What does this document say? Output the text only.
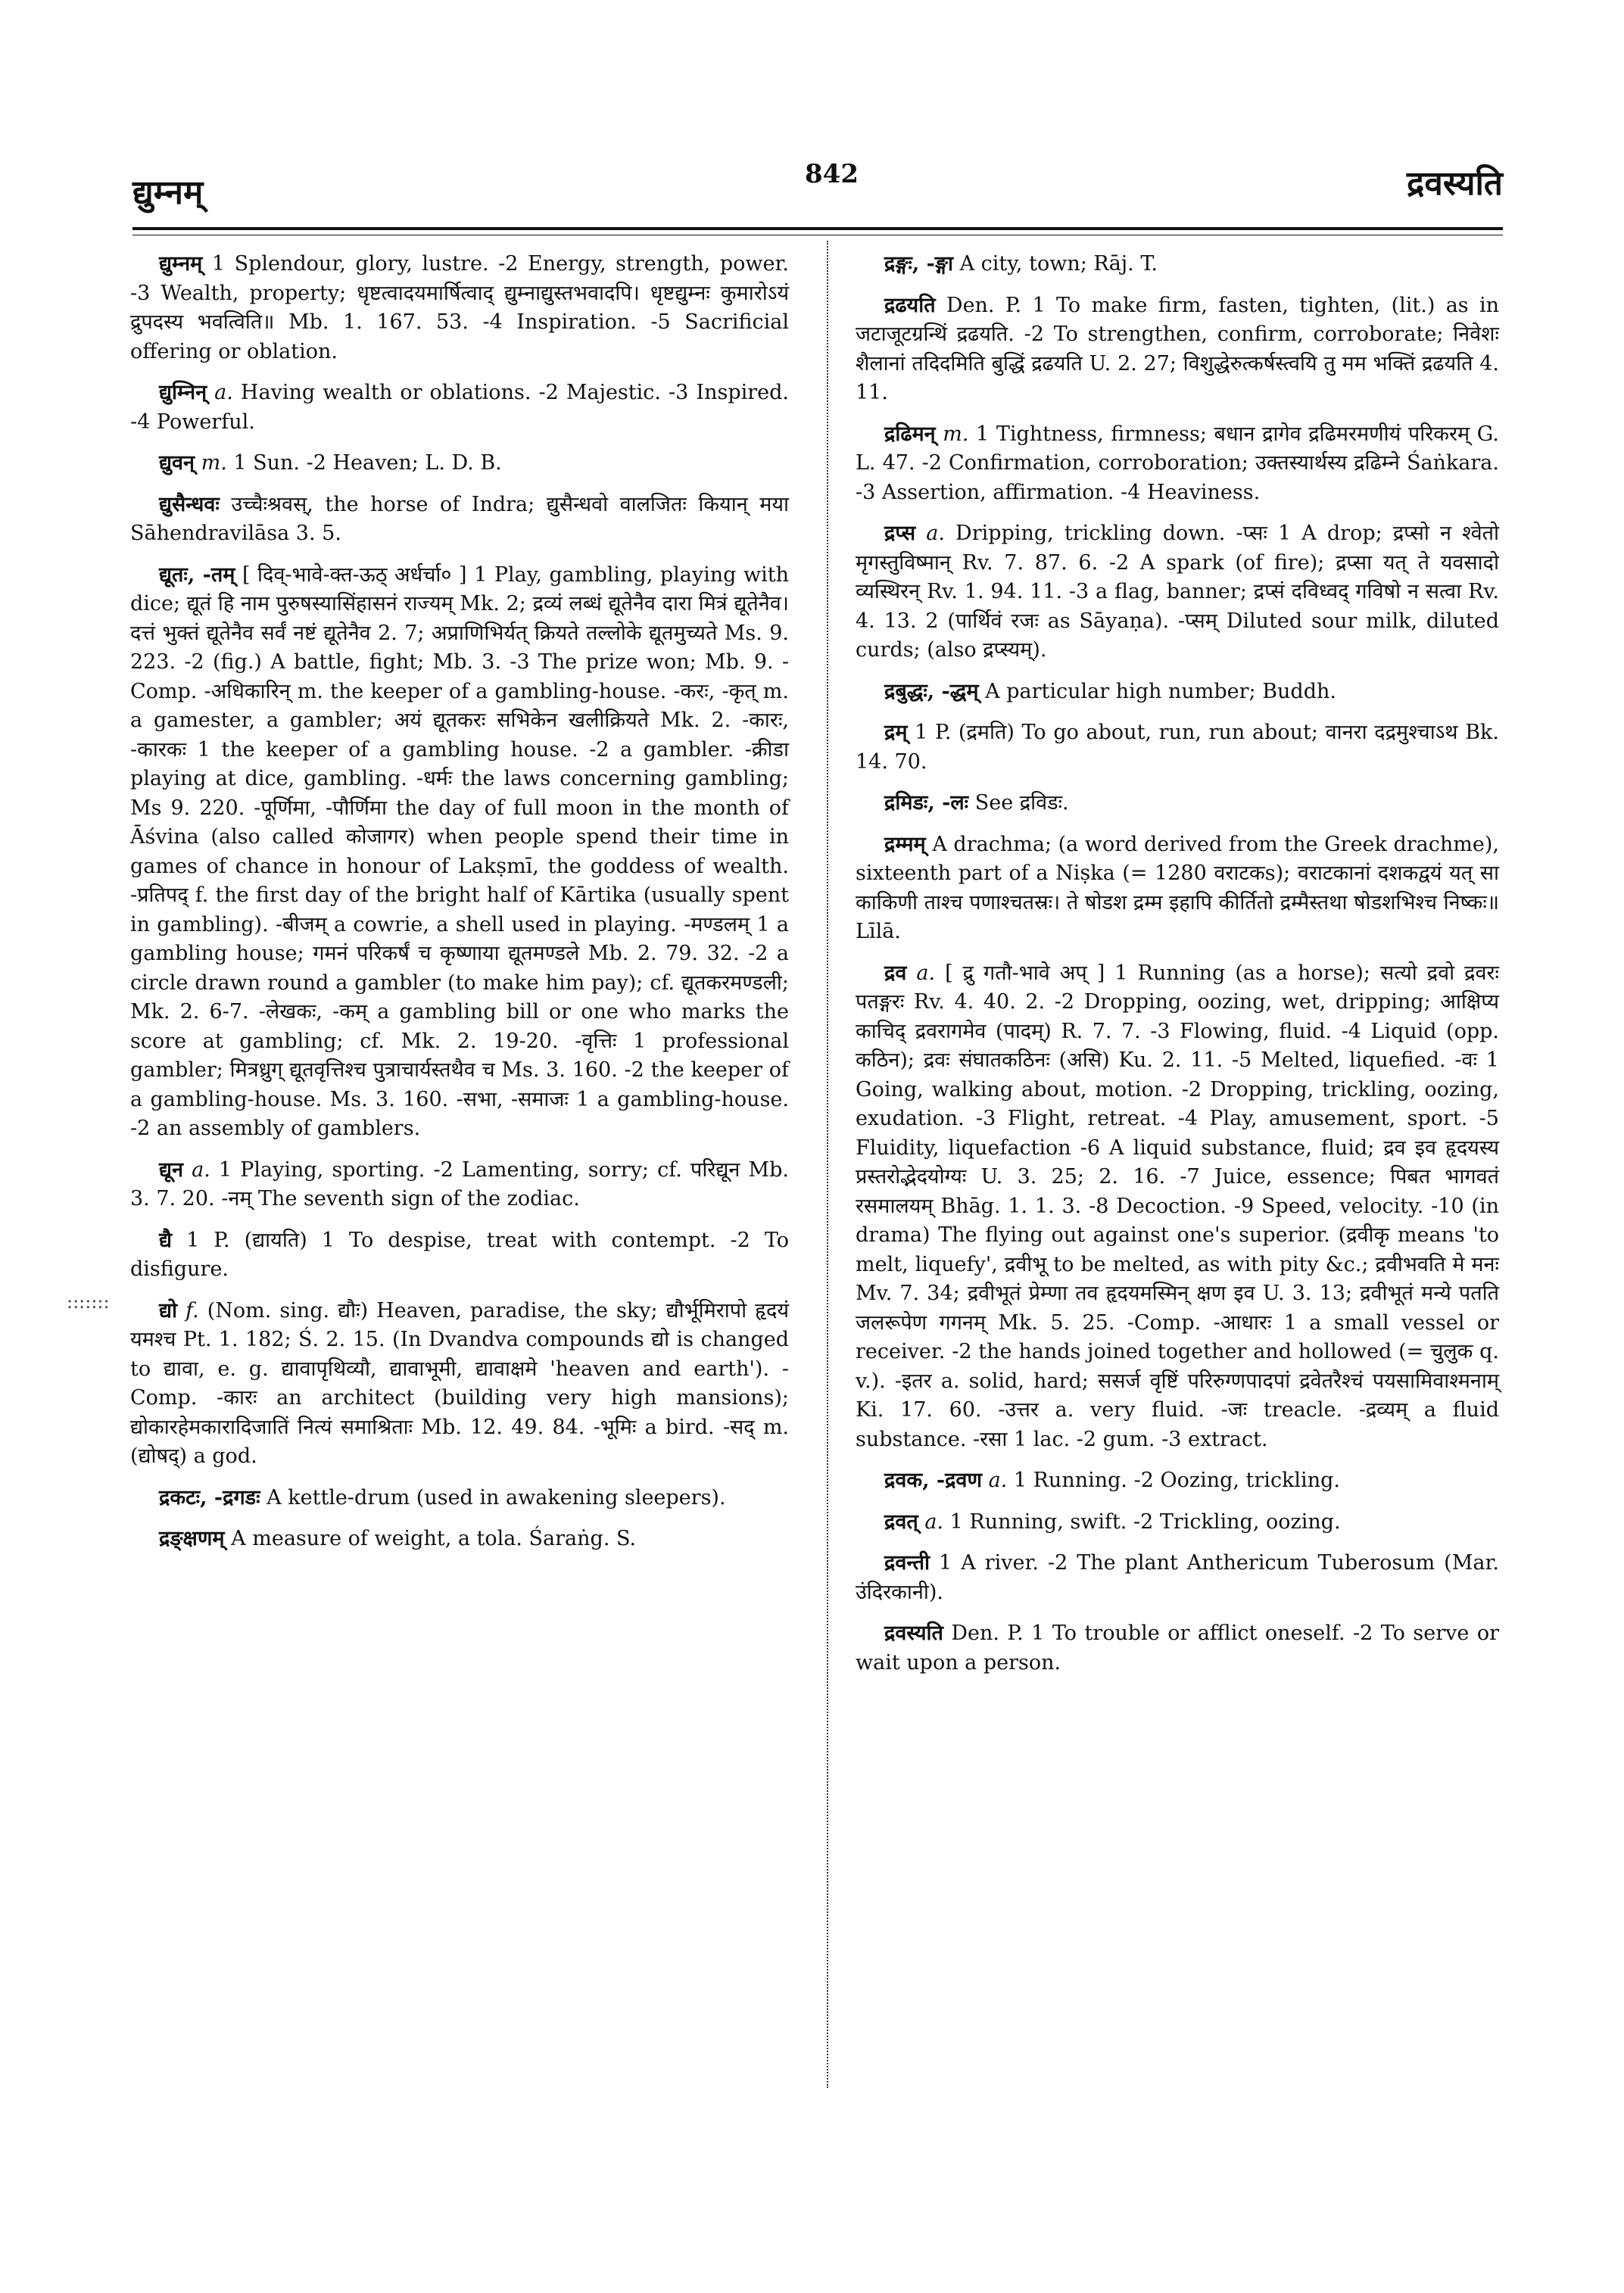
द्युम्नम्	842	द्रवस्यति
:::::::

द्युम्नम् 1 Splendour, glory, lustre. -2 Energy, strength, power. -3 Wealth, property; धृष्टत्वादयमार्षित्वाद् द्युम्नाद्युस्तभवादपि। धृष्टद्युम्नः कुमारोऽयं द्रुपदस्य भवत्विति॥ Mb. 1. 167. 53. -4 Inspiration. -5 Sacrificial offering or oblation.

द्युम्निन् a. Having wealth or oblations. -2 Majestic. -3 Inspired. -4 Powerful.

द्युवन् m. 1 Sun. -2 Heaven; L. D. B.

द्युसैन्धवः उच्चैःश्रवस्, the horse of Indra; द्युसैन्धवो वालजितः कियान् मया Sāhendravilāsa 3. 5.

द्यूतः, -तम् [ दिव्-भावे-क्त-ऊठ् अर्धर्चा० ] 1 Play, gambling, playing with dice; द्यूतं हि नाम पुरुषस्यासिंहासनं राज्यम् Mk. 2; द्रव्यं लब्धं द्यूतेनैव दारा मित्रं द्यूतेनैव। दत्तं भुक्तं द्यूतेनैव सर्वं नष्टं द्यूतेनैव 2. 7; अप्राणिभिर्यत् क्रियते तल्लोके द्यूतमुच्यते Ms. 9. 223. -2 (fig.) A battle, fight; Mb. 3. -3 The prize won; Mb. 9. -Comp. -अधिकारिन् m. the keeper of a gambling-house. -करः, -कृत् m. a gamester, a gambler; अयं द्यूतकरः सभिकेन खलीक्रियते Mk. 2. -कारः, -कारकः 1 the keeper of a gambling house. -2 a gambler. -क्रीडा playing at dice, gambling. -धर्मः the laws concerning gambling; Ms 9. 220. -पूर्णिमा, -पौर्णिमा the day of full moon in the month of Āśvina (also called कोजागर) when people spend their time in games of chance in honour of Lakṣmī, the goddess of wealth. -प्रतिपद् f. the first day of the bright half of Kārtika (usually spent in gambling). -बीजम् a cowrie, a shell used in playing. -मण्डलम् 1 a gambling house; गमनं परिकर्षं च कृष्णाया द्यूतमण्डले Mb. 2. 79. 32. -2 a circle drawn round a gambler (to make him pay); cf. द्यूतकरमण्डली; Mk. 2. 6-7. -लेखकः, -कम् a gambling bill or one who marks the score at gambling; cf. Mk. 2. 19-20. -वृत्तिः 1 professional gambler; मित्रध्रुग् द्यूतवृत्तिश्च पुत्राचार्यस्तथैव च Ms. 3. 160. -2 the keeper of a gambling-house. Ms. 3. 160. -सभा, -समाजः 1 a gambling-house. -2 an assembly of gamblers.

द्यून a. 1 Playing, sporting. -2 Lamenting, sorry; cf. परिद्यून Mb. 3. 7. 20. -नम् The seventh sign of the zodiac.

द्यै 1 P. (द्यायति) 1 To despise, treat with contempt. -2 To disfigure.

द्यो f. (Nom. sing. द्यौः) Heaven, paradise, the sky; द्यौर्भूमिरापो हृदयं यमश्च Pt. 1. 182; Ś. 2. 15. (In Dvandva compounds द्यो is changed to द्यावा, e. g. द्यावापृथिव्यौ, द्यावाभूमी, द्यावाक्षमे 'heaven and earth'). -Comp. -कारः an architect (building very high mansions); द्योकारहेमकारादिजातिं नित्यं समाश्रिताः Mb. 12. 49. 84. -भूमिः a bird. -सद् m. (द्योषद्) a god.

द्रकटः, -द्रगडः A kettle-drum (used in awakening sleepers).

द्रङ्क्षणम् A measure of weight, a tola. Śaraṅg. S.

द्रङ्गः, -ङ्गा A city, town; Rāj. T.

द्रढयति Den. P. 1 To make firm, fasten, tighten, (lit.) as in जटाजूटग्रन्थिं द्रढयति. -2 To strengthen, confirm, corroborate; निवेशः शैलानां तदिदमिति बुद्धिं द्रढयति U. 2. 27; विशुद्धेरुत्कर्षस्त्वयि तु मम भक्तिं द्रढयति 4. 11.

द्रढिमन् m. 1 Tightness, firmness; बधान द्रागेव द्रढिमरमणीयं परिकरम् G. L. 47. -2 Confirmation, corroboration; उक्तस्यार्थस्य द्रढिम्ने Śaṅkara. -3 Assertion, affirmation. -4 Heaviness.

द्रप्स a. Dripping, trickling down. -प्सः 1 A drop; द्रप्सो न श्वेतो मृगस्तुविष्मान् Rv. 7. 87. 6. -2 A spark (of fire); द्रप्सा यत् ते यवसादो व्यस्थिरन् Rv. 1. 94. 11. -3 a flag, banner; द्रप्सं दविध्वद् गविषो न सत्वा Rv. 4. 13. 2 (पार्थिवं रजः as Sāyaṇa). -प्सम् Diluted sour milk, diluted curds; (also द्रप्स्यम्).

द्रबुद्धः, -द्धम् A particular high number; Buddh.

द्रम् 1 P. (द्रमति) To go about, run, run about; वानरा दद्रमुश्चाऽथ Bk. 14. 70.

द्रमिडः, -लः See द्रविडः.

द्रम्मम् A drachma; (a word derived from the Greek drachme), sixteenth part of a Niṣka (= 1280 वराटकs); वराटकानां दशकद्वयं यत् सा काकिणी ताश्च पणाश्चतस्रः। ते षोडश द्रम्म इहापि कीर्तितो द्रम्मैस्तथा षोडशभिश्च निष्कः॥ Līlā.

द्रव a. [ द्रु गतौ-भावे अप् ] 1 Running (as a horse); सत्यो द्रवो द्रवरः पतङ्गरः Rv. 4. 40. 2. -2 Dropping, oozing, wet, dripping; आक्षिप्य काचिद् द्रवरागमेव (पादम्) R. 7. 7. -3 Flowing, fluid. -4 Liquid (opp. कठिन); द्रवः संघातकठिनः (असि) Ku. 2. 11. -5 Melted, liquefied. -वः 1 Going, walking about, motion. -2 Dropping, trickling, oozing, exudation. -3 Flight, retreat. -4 Play, amusement, sport. -5 Fluidity, liquefaction -6 A liquid substance, fluid; द्रव इव हृदयस्य प्रस्तरोद्भेदयोग्यः U. 3. 25; 2. 16. -7 Juice, essence; पिबत भागवतं रसमालयम् Bhāg. 1. 1. 3. -8 Decoction. -9 Speed, velocity. -10 (in drama) The flying out against one's superior. (द्रवीकृ means 'to melt, liquefy', द्रवीभू to be melted, as with pity &c.; द्रवीभवति मे मनः Mv. 7. 34; द्रवीभूतं प्रेम्णा तव हृदयमस्मिन् क्षण इव U. 3. 13; द्रवीभूतं मन्ये पतति जलरूपेण गगनम् Mk. 5. 25. -Comp. -आधारः 1 a small vessel or receiver. -2 the hands joined together and hollowed (= चुलुक q. v.). -इतर a. solid, hard; ससर्ज वृष्टिं परिरुग्णपादपां द्रवेतरैश्चं पयसामिवाश्मनाम् Ki. 17. 60. -उत्तर a. very fluid. -जः treacle. -द्रव्यम् a fluid substance. -रसा 1 lac. -2 gum. -3 extract.

द्रवक, -द्रवण a. 1 Running. -2 Oozing, trickling.

द्रवत् a. 1 Running, swift. -2 Trickling, oozing.

द्रवन्ती 1 A river. -2 The plant Anthericum Tuberosum (Mar. उंदिरकानी).

द्रवस्यति Den. P. 1 To trouble or afflict oneself. -2 To serve or wait upon a person.
